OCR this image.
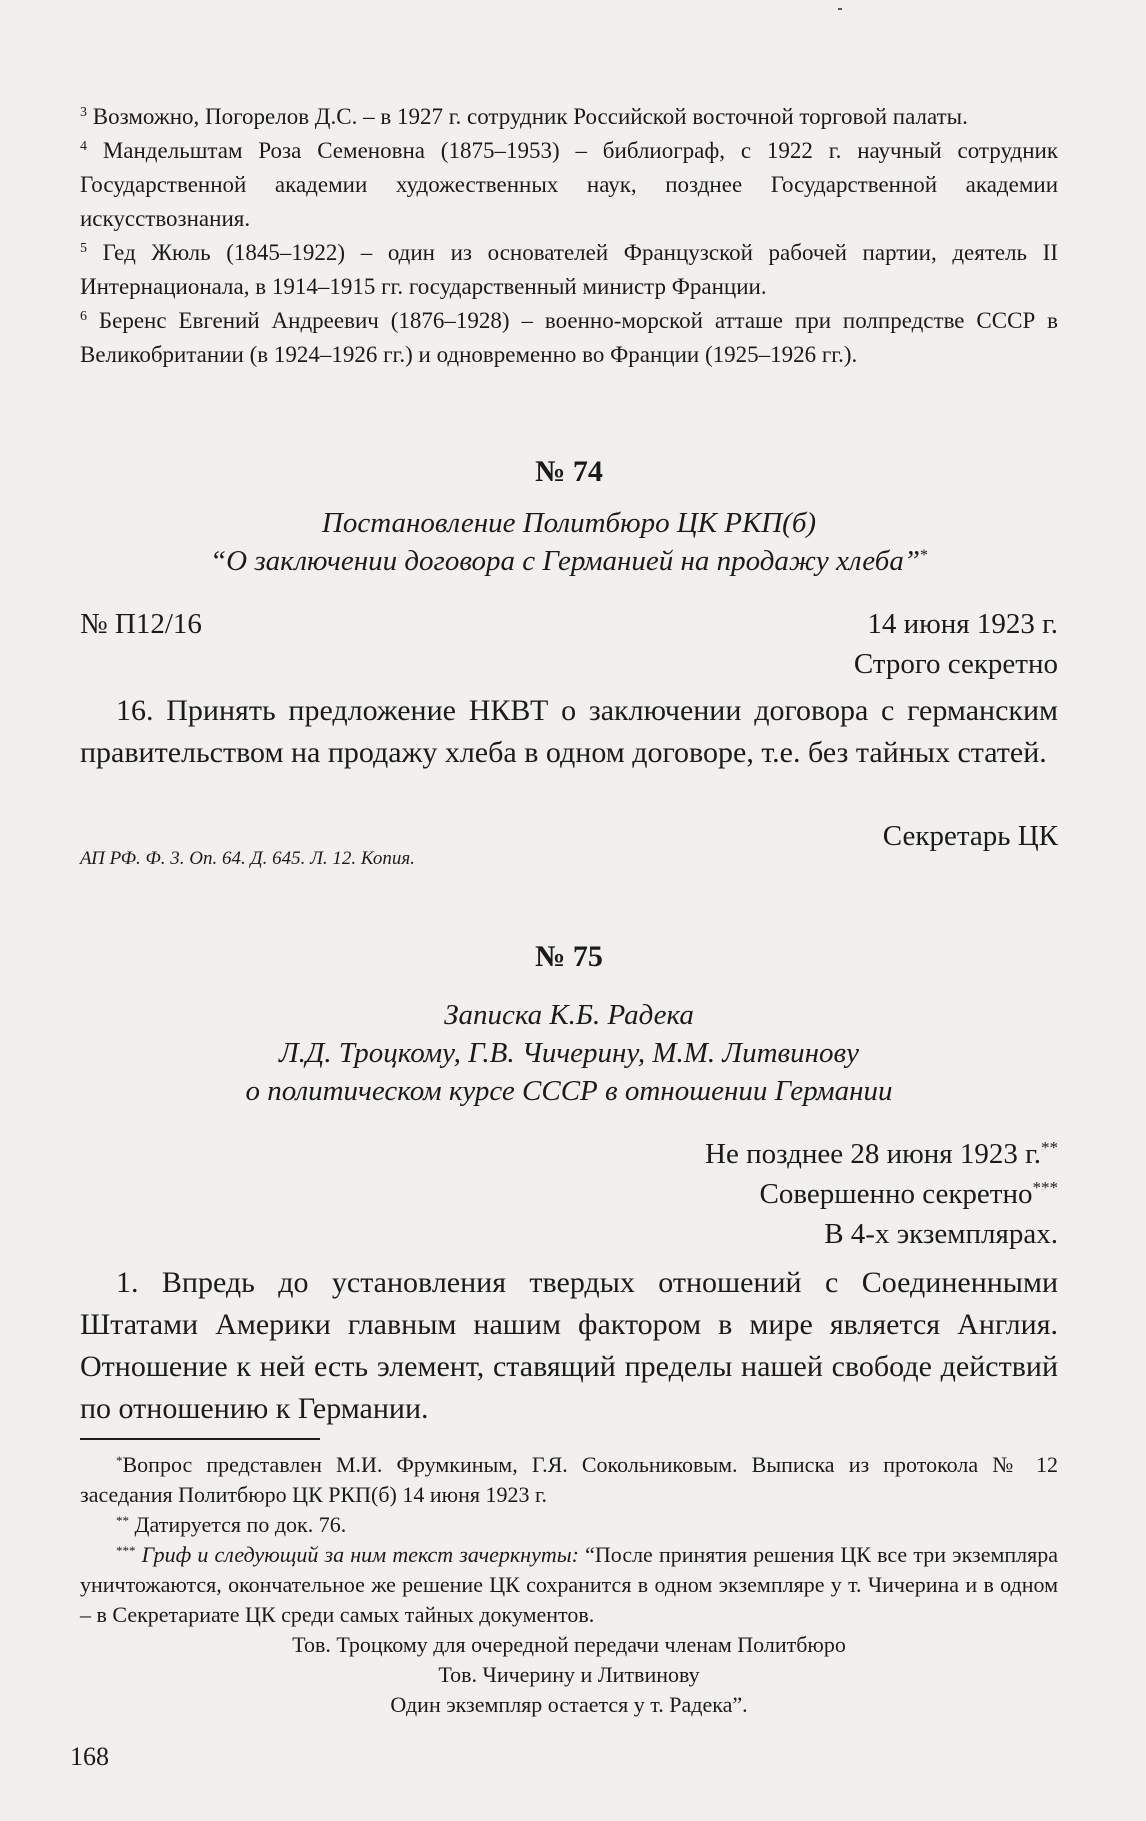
$^3$ Возможно, Погорелов Д.С. – в 1927 г. сотрудник Российской восточной торговой палаты.
$^4$ Мандельштам Роза Семеновна (1875–1953) – библиограф, с 1922 г. научный сотрудник Государственной академии художественных наук, позднее Государственной академии искусствознания.
$^5$ Гед Жюль (1845–1922) – один из основателей Французской рабочей партии, деятель II Интернационала, в 1914–1915 гг. государственный министр Франции.
$^6$ Беренс Евгений Андреевич (1876–1928) – военно-морской атташе при полпредстве СССР в Великобритании (в 1924–1926 гг.) и одновременно во Франции (1925–1926 гг.).
№ 74
Постановление Политбюро ЦК РКП(б)
“О заключении договора с Германией на продажу хлеба”*
№ П12/16	14 июня 1923 г.
Строго секретно
16. Принять предложение НКВТ о заключении договора с германским правительством на продажу хлеба в одном договоре, т.е. без тайных статей.
Секретарь ЦК
АП РФ. Ф. 3. Оп. 64. Д. 645. Л. 12. Копия.
№ 75
Записка К.Б. Радека
Л.Д. Троцкому, Г.В. Чичерину, М.М. Литвинову
о политическом курсе СССР в отношении Германии
Не позднее 28 июня 1923 г.**
Совершенно секретно***
В 4-х экземплярах.
1. Впредь до установления твердых отношений с Соединенными Штатами Америки главным нашим фактором в мире является Англия. Отношение к ней есть элемент, ставящий пределы нашей свободе действий по отношению к Германии.
*Вопрос представлен М.И. Фрумкиным, Г.Я. Сокольниковым. Выписка из протокола № 12 заседания Политбюро ЦК РКП(б) 14 июня 1923 г.
** Датируется по док. 76.
*** Гриф и следующий за ним текст зачеркнуты: “После принятия решения ЦК все три экземпляра уничтожаются, окончательное же решение ЦК сохранится в одном экземпляре у т. Чичерина и в одном – в Секретариате ЦК среди самых тайных документов.
Тов. Троцкому для очередной передачи членам Политбюро
Тов. Чичерину и Литвинову
Один экземпляр остается у т. Радека”.
168
